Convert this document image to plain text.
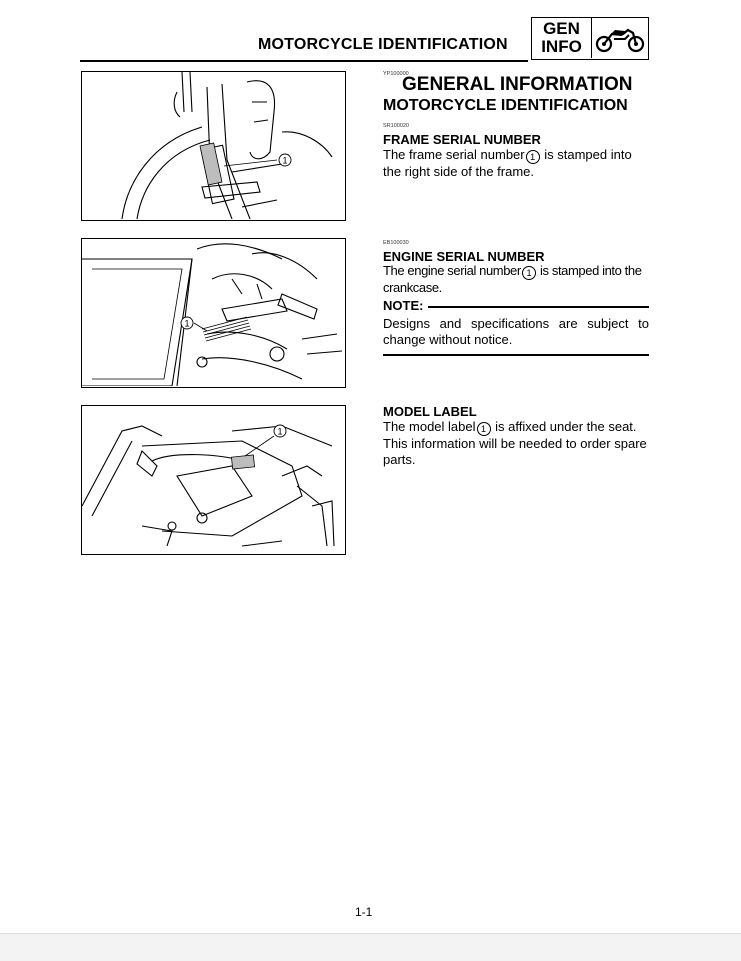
MOTORCYCLE IDENTIFICATION
GEN
INFO
1
1
1
YP100000
GENERAL INFORMATION
MOTORCYCLE IDENTIFICATION
SR100020
FRAME SERIAL NUMBER
The frame serial number 1 is stamped into the right side of the frame.
EB100030
ENGINE SERIAL NUMBER
The engine serial number 1 is stamped into the crankcase.
NOTE:
Designs and specifications are subject to change without notice.
MODEL LABEL
The model label 1 is affixed under the seat. This information will be needed to order spare parts.
1-1
